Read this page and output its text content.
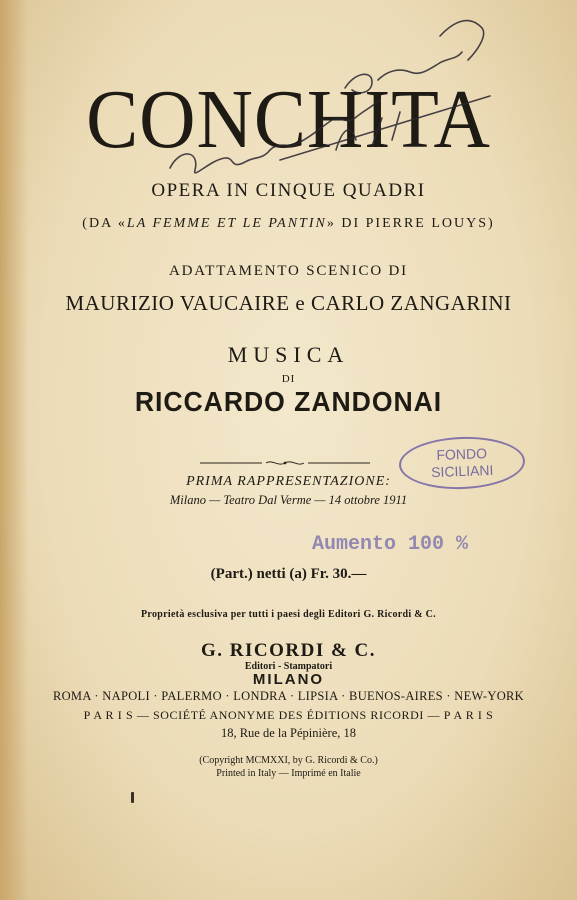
CONCHITA
OPERA IN CINQUE QUADRI
(DA «LA FEMME ET LE PANTIN» DI PIERRE LOUYS)
ADATTAMENTO SCENICO DI
MAURIZIO VAUCAIRE e CARLO ZANGARINI
MUSICA
DI
RICCARDO ZANDONAI
PRIMA RAPPRESENTAZIONE:
Milano — Teatro Dal Verme — 14 ottobre 1911
FONDO
SICILIANI
Aumento 100 %
(Part.) netti (a) Fr. 30.—
Proprietà esclusiva per tutti i paesi degli Editori G. Ricordi & C.
G. RICORDI & C.
Editori - Stampatori
MILANO
ROMA · NAPOLI · PALERMO · LONDRA · LIPSIA · BUENOS-AIRES · NEW-YORK
P A R I S — SOCIÉTÉ ANONYME DES ÉDITIONS RICORDI — P A R I S
18, Rue de la Pépinière, 18
(Copyright MCMXXI, by G. Ricordi & Co.)
Printed in Italy — Imprimé en Italie
